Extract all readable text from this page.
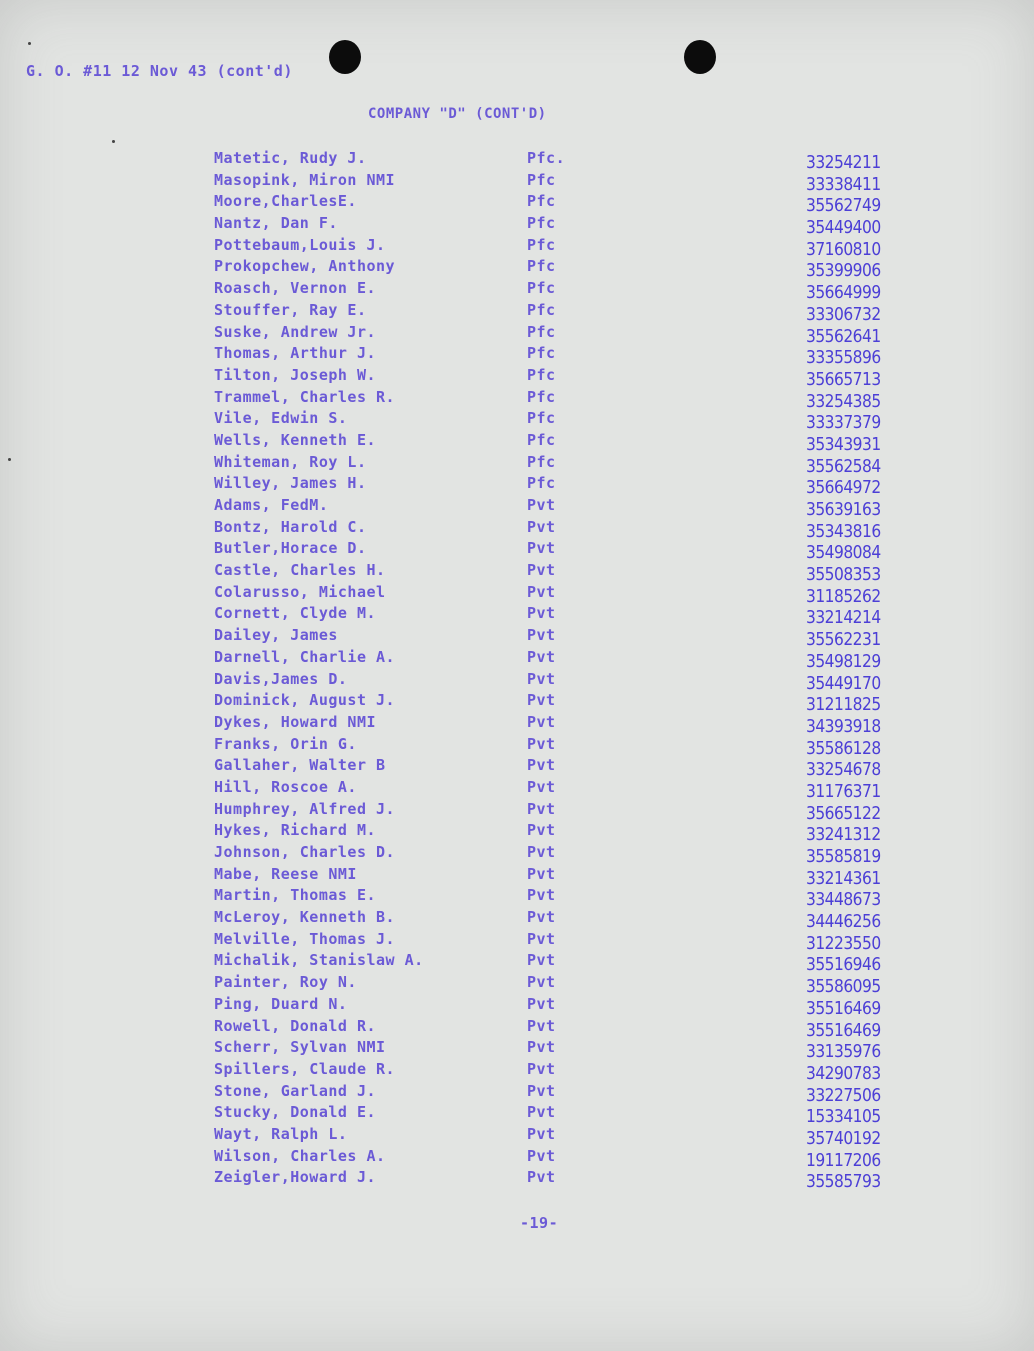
G. O. #11 12 Nov 43 (cont'd)
COMPANY "D" (CONT'D)
Matetic, Rudy J.	Pfc.	33254211
Masopink, Miron NMI	Pfc	33338411
Moore,CharlesE.	Pfc	35562749
Nantz, Dan F.	Pfc	35449400
Pottebaum,Louis J.	Pfc	37160810
Prokopchew, Anthony	Pfc	35399906
Roasch, Vernon E.	Pfc	35664999
Stouffer, Ray E.	Pfc	33306732
Suske, Andrew Jr.	Pfc	35562641
Thomas, Arthur J.	Pfc	33355896
Tilton, Joseph W.	Pfc	35665713
Trammel, Charles R.	Pfc	33254385
Vile, Edwin S.	Pfc	33337379
Wells, Kenneth E.	Pfc	35343931
Whiteman, Roy L.	Pfc	35562584
Willey, James H.	Pfc	35664972
Adams, FedM.	Pvt	35639163
Bontz, Harold C.	Pvt	35343816
Butler,Horace D.	Pvt	35498084
Castle, Charles H.	Pvt	35508353
Colarusso, Michael	Pvt	31185262
Cornett, Clyde M.	Pvt	33214214
Dailey, James	Pvt	35562231
Darnell, Charlie A.	Pvt	35498129
Davis,James D.	Pvt	35449170
Dominick, August J.	Pvt	31211825
Dykes, Howard NMI	Pvt	34393918
Franks, Orin G.	Pvt	35586128
Gallaher, Walter B	Pvt	33254678
Hill, Roscoe A.	Pvt	31176371
Humphrey, Alfred J.	Pvt	35665122
Hykes, Richard M.	Pvt	33241312
Johnson, Charles D.	Pvt	35585819
Mabe, Reese NMI	Pvt	33214361
Martin, Thomas E.	Pvt	33448673
McLeroy, Kenneth B.	Pvt	34446256
Melville, Thomas J.	Pvt	31223550
Michalik, Stanislaw A.	Pvt	35516946
Painter, Roy N.	Pvt	35586095
Ping, Duard N.	Pvt	35516469
Rowell, Donald R.	Pvt	35516469
Scherr, Sylvan NMI	Pvt	33135976
Spillers, Claude R.	Pvt	34290783
Stone, Garland J.	Pvt	33227506
Stucky, Donald E.	Pvt	15334105
Wayt, Ralph L.	Pvt	35740192
Wilson, Charles A.	Pvt	19117206
Zeigler,Howard J.	Pvt	35585793
-19-
